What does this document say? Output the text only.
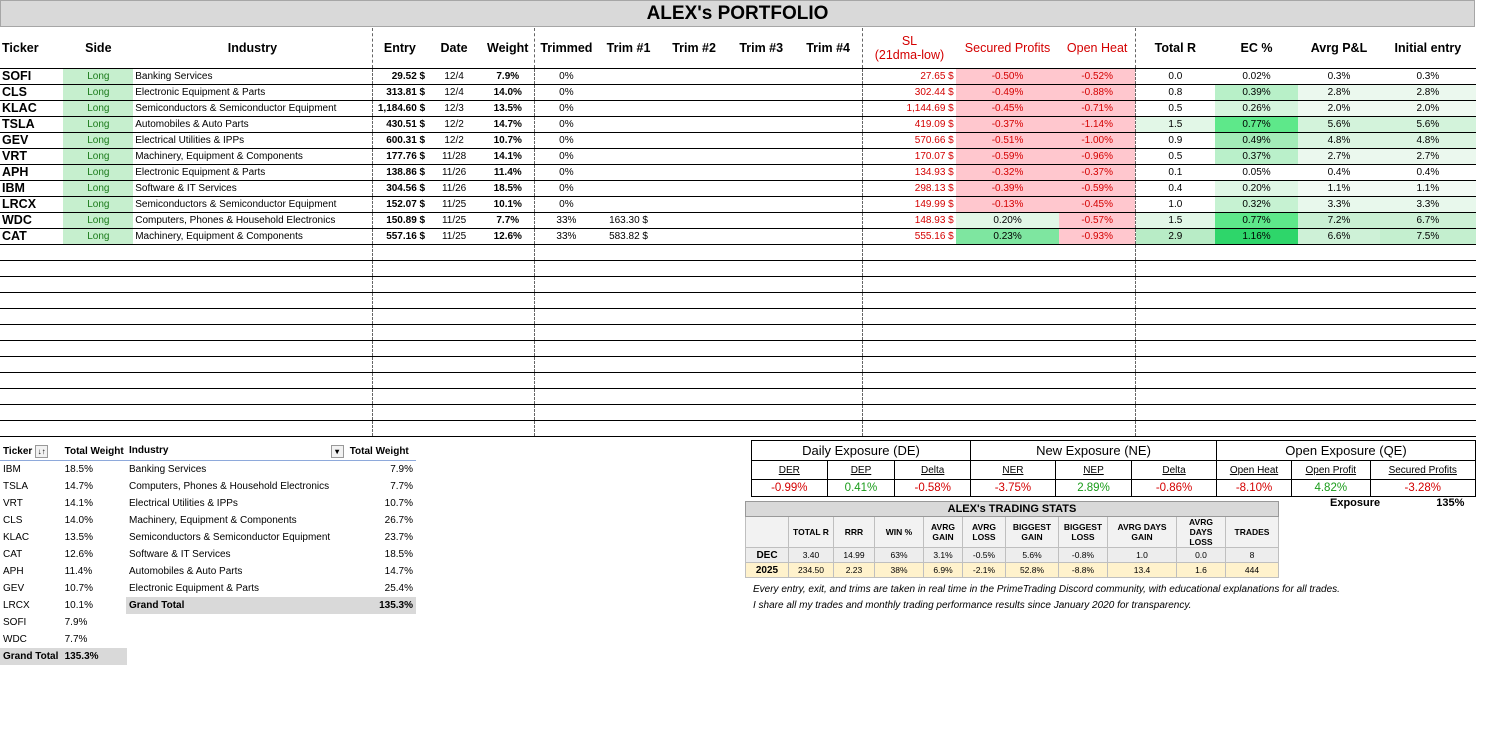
ALEX's PORTFOLIO
Ticker	Side	Industry	Entry	Date	Weight	Trimmed	Trim #1	Trim #2	Trim #3	Trim #4	SL
(21dma-low)	Secured Profits	Open Heat	Total R	EC %	Avrg P&L	Initial entry
SOFI	Long	Banking Services	29.52 $	12/4	7.9%	0%					27.65 $	-0.50%	-0.52%	0.0	0.02%	0.3%	0.3%
CLS	Long	Electronic Equipment & Parts	313.81 $	12/4	14.0%	0%					302.44 $	-0.49%	-0.88%	0.8	0.39%	2.8%	2.8%
KLAC	Long	Semiconductors & Semiconductor Equipment	1,184.60 $	12/3	13.5%	0%					1,144.69 $	-0.45%	-0.71%	0.5	0.26%	2.0%	2.0%
TSLA	Long	Automobiles & Auto Parts	430.51 $	12/2	14.7%	0%					419.09 $	-0.37%	-1.14%	1.5	0.77%	5.6%	5.6%
GEV	Long	Electrical Utilities & IPPs	600.31 $	12/2	10.7%	0%					570.66 $	-0.51%	-1.00%	0.9	0.49%	4.8%	4.8%
VRT	Long	Machinery, Equipment & Components	177.76 $	11/28	14.1%	0%					170.07 $	-0.59%	-0.96%	0.5	0.37%	2.7%	2.7%
APH	Long	Electronic Equipment & Parts	138.86 $	11/26	11.4%	0%					134.93 $	-0.32%	-0.37%	0.1	0.05%	0.4%	0.4%
IBM	Long	Software & IT Services	304.56 $	11/26	18.5%	0%					298.13 $	-0.39%	-0.59%	0.4	0.20%	1.1%	1.1%
LRCX	Long	Semiconductors & Semiconductor Equipment	152.07 $	11/25	10.1%	0%					149.99 $	-0.13%	-0.45%	1.0	0.32%	3.3%	3.3%
WDC	Long	Computers, Phones & Household Electronics	150.89 $	11/25	7.7%	33%	163.30 $				148.93 $	0.20%	-0.57%	1.5	0.77%	7.2%	6.7%
CAT	Long	Machinery, Equipment & Components	557.16 $	11/25	12.6%	33%	583.82 $				555.16 $	0.23%	-0.93%	2.9	1.16%	6.6%	7.5%

Ticker ↓↑	Total Weight
IBM	18.5%
TSLA	14.7%
VRT	14.1%
CLS	14.0%
KLAC	13.5%
CAT	12.6%
APH	11.4%
GEV	10.7%
LRCX	10.1%
SOFI	7.9%
WDC	7.7%
Grand Total	135.3%
Industry ▾	Total Weight
Banking Services	7.9%
Computers, Phones & Household Electronics	7.7%
Electrical Utilities & IPPs	10.7%
Machinery, Equipment & Components	26.7%
Semiconductors & Semiconductor Equipment	23.7%
Software & IT Services	18.5%
Automobiles & Auto Parts	14.7%
Electronic Equipment & Parts	25.4%
Grand Total	135.3%
Daily Exposure (DE)			New Exposure (NE)			Open Exposure (QE)		
DER	DEP	Delta	NER	NEP	Delta	Open Heat	Open Profit	Secured Profits
-0.99%	0.41%	-0.58%	-3.75%	2.89%	-0.86%	-8.10%	4.82%	-3.28%
Exposure	135%
ALEX's TRADING STATS										
	TOTAL R	RRR	WIN %	AVRG GAIN	AVRG LOSS	BIGGEST GAIN	BIGGEST LOSS	AVRG DAYS GAIN	AVRG DAYS LOSS	TRADES
DEC	3.40	14.99	63%	3.1%	-0.5%	5.6%	-0.8%	1.0	0.0	8
2025	234.50	2.23	38%	6.9%	-2.1%	52.8%	-8.8%	13.4	1.6	444
Every entry, exit, and trims are taken in real time in the PrimeTrading Discord community, with educational explanations for all trades.
I share all my trades and monthly trading performance results since January 2020 for transparency.
